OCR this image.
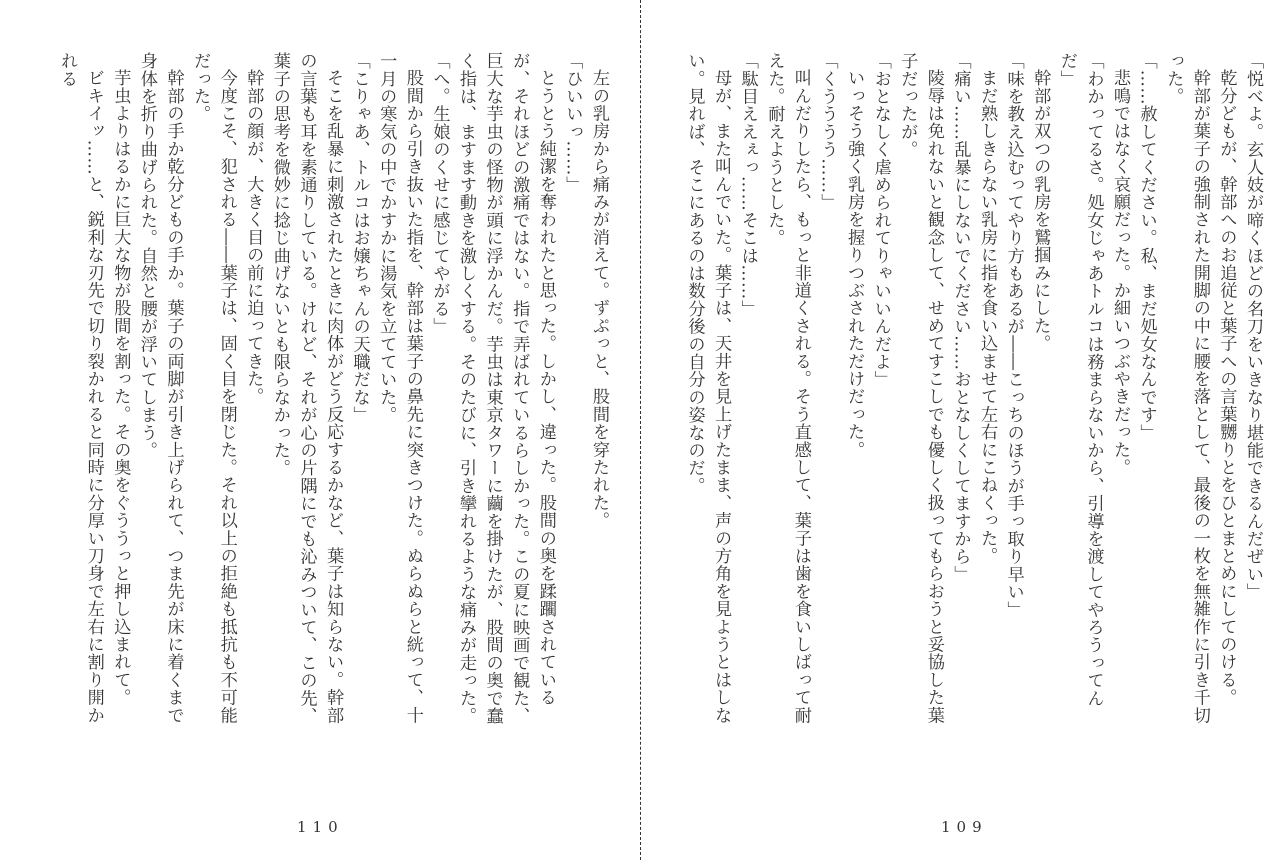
左の乳房から痛みが消えて。ずぷっと、股間を穿たれた。

「ひいいっ……」

とうとう純潔を奪われたと思った。しかし、違った。股間の奥を蹂躙されているが、それほどの激痛ではない。指で弄ばれているらしかった。この夏に映画で観た、巨大な芋虫の怪物が頭に浮かんだ。芋虫は東京タワーに繭を掛けたが、股間の奥で蠢く指は、ますます動きを激しくする。そのたびに、引き攣れるような痛みが走った。

「へ。生娘のくせに感じてやがる」

股間から引き抜いた指を、幹部は葉子の鼻先に突きつけた。ぬらぬらと絖って、十一月の寒気の中でかすかに湯気を立てていた。

「こりゃあ、トルコはお嬢ちゃんの天職だな」

そこを乱暴に刺激されたときに肉体がどう反応するかなど、葉子は知らない。幹部の言葉も耳を素通りしている。けれど、それが心の片隅にでも沁みついて、この先、葉子の思考を微妙に捻じ曲げないとも限らなかった。

幹部の顔が、大きく目の前に迫ってきた。

今度こそ、犯される――葉子は、固く目を閉じた。それ以上の拒絶も抵抗も不可能だった。

幹部の手か乾分どもの手か。葉子の両脚が引き上げられて、つま先が床に着くまで身体を折り曲げられた。自然と腰が浮いてしまう。

芋虫よりはるかに巨大な物が股間を割った。その奥をぐううっと押し込まれて。

ビキイッ……と、鋭利な刃先で切り裂かれると同時に分厚い刀身で左右に割り開かれる

110

「悦べよ。玄人妓が啼くほどの名刀をいきなり堪能できるんだぜい」

乾分どもが、幹部へのお追従と葉子への言葉嬲りとをひとまとめにしてのける。

幹部が葉子の強制された開脚の中に腰を落として、最後の一枚を無雑作に引き千切った。

「……赦してください。私、まだ処女なんです」

悲鳴ではなく哀願だった。か細いつぶやきだった。

「わかってるさ。処女じゃあトルコは務まらないから、引導を渡してやろうってんだ」

幹部が双つの乳房を鷲掴みにした。

「味を教え込むってやり方もあるが――こっちのほうが手っ取り早い」

まだ熟しきらない乳房に指を食い込ませて左右にこねくった。

「痛い……乱暴にしないでください……おとなしくしてますから」

陵辱は免れないと観念して、せめてすこしでも優しく扱ってもらおうと妥協した葉子だったが。

「おとなしく虐められてりゃいいんだよ」

いっそう強く乳房を握りつぶされただけだった。

「くうううう……」

叫んだりしたら、もっと非道くされる。そう直感して、葉子は歯を食いしばって耐えた。耐えようとした。

「駄目ええぇっ……そこは……」

母が、また叫んでいた。葉子は、天井を見上げたまま、声の方角を見ようとはしない。見れば、そこにあるのは数分後の自分の姿なのだ。

109
